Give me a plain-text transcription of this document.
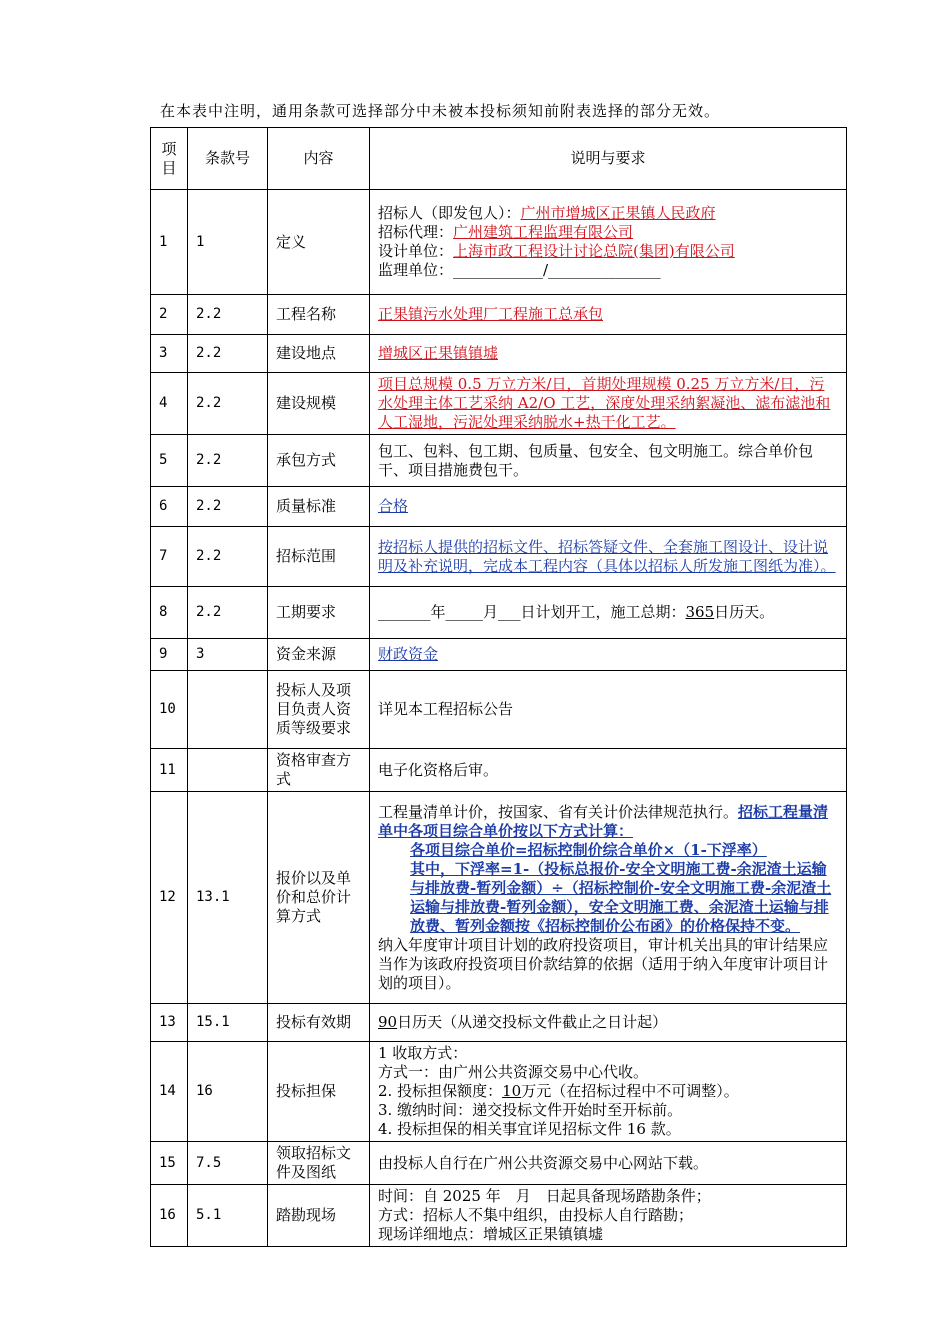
在本表中注明，通用条款可选择部分中未被本投标须知前附表选择的部分无效。
项目	条款号	内容	说明与要求
1	1	定义	招标人（即发包人）：广州市增城区正果镇人民政府
招标代理：广州建筑工程监理有限公司
设计单位：上海市政工程设计讨论总院(集团)有限公司
监理单位：____________/_______________

2	2.2	工程名称	正果镇污水处理厂工程施工总承包
3	2.2	建设地点	增城区正果镇镇墟
4	2.2	建设规模	项目总规模 0.5 万立方米/日，首期处理规模 0.25 万立方米/日，污水处理主体工艺采纳 A2/O 工艺，深度处理采纳絮凝池、滤布滤池和人工湿地，污泥处理采纳脱水+热干化工艺。
5	2.2	承包方式	包工、包料、包工期、包质量、包安全、包文明施工。综合单价包干、项目措施费包干。
6	2.2	质量标准	合格
7	2.2	招标范围	按招标人提供的招标文件、招标答疑文件、全套施工图设计、设计说明及补充说明，完成本工程内容（具体以招标人所发施工图纸为准）。
8	2.2	工期要求	_______年_____月___日计划开工，施工总期：365日历天。
9	3	资金来源	财政资金
10		投标人及项目负责人资质等级要求	详见本工程招标公告
11		资格审查方式	电子化资格后审。
12	13.1	报价以及单价和总价计算方式	工程量清单计价，按国家、省有关计价法律规范执行。招标工程量清单中各项目综合单价按以下方式计算：
各项目综合单价=招标控制价综合单价×（1-下浮率）
其中，下浮率=1-（投标总报价-安全文明施工费-余泥渣土运输与排放费-暂列金额）÷（招标控制价-安全文明施工费-余泥渣土运输与排放费-暂列金额），安全文明施工费、余泥渣土运输与排放费、暂列金额按《招标控制价公布函》的价格保持不变。
纳入年度审计项目计划的政府投资项目，审计机关出具的审计结果应当作为该政府投资项目价款结算的依据（适用于纳入年度审计项目计划的项目）。

13	15.1	投标有效期	90日历天（从递交投标文件截止之日计起）
14	16	投标担保	1 收取方式：
方式一：由广州公共资源交易中心代收。
2. 投标担保额度：10万元（在招标过程中不可调整）。
3. 缴纳时间：递交投标文件开始时至开标前。
4. 投标担保的相关事宜详见招标文件 16 款。

15	7.5	领取招标文件及图纸	由投标人自行在广州公共资源交易中心网站下载。
16	5.1	踏勘现场	时间：自 2025 年　月　日起具备现场踏勘条件；
方式：招标人不集中组织，由投标人自行踏勘；
现场详细地点：增城区正果镇镇墟
